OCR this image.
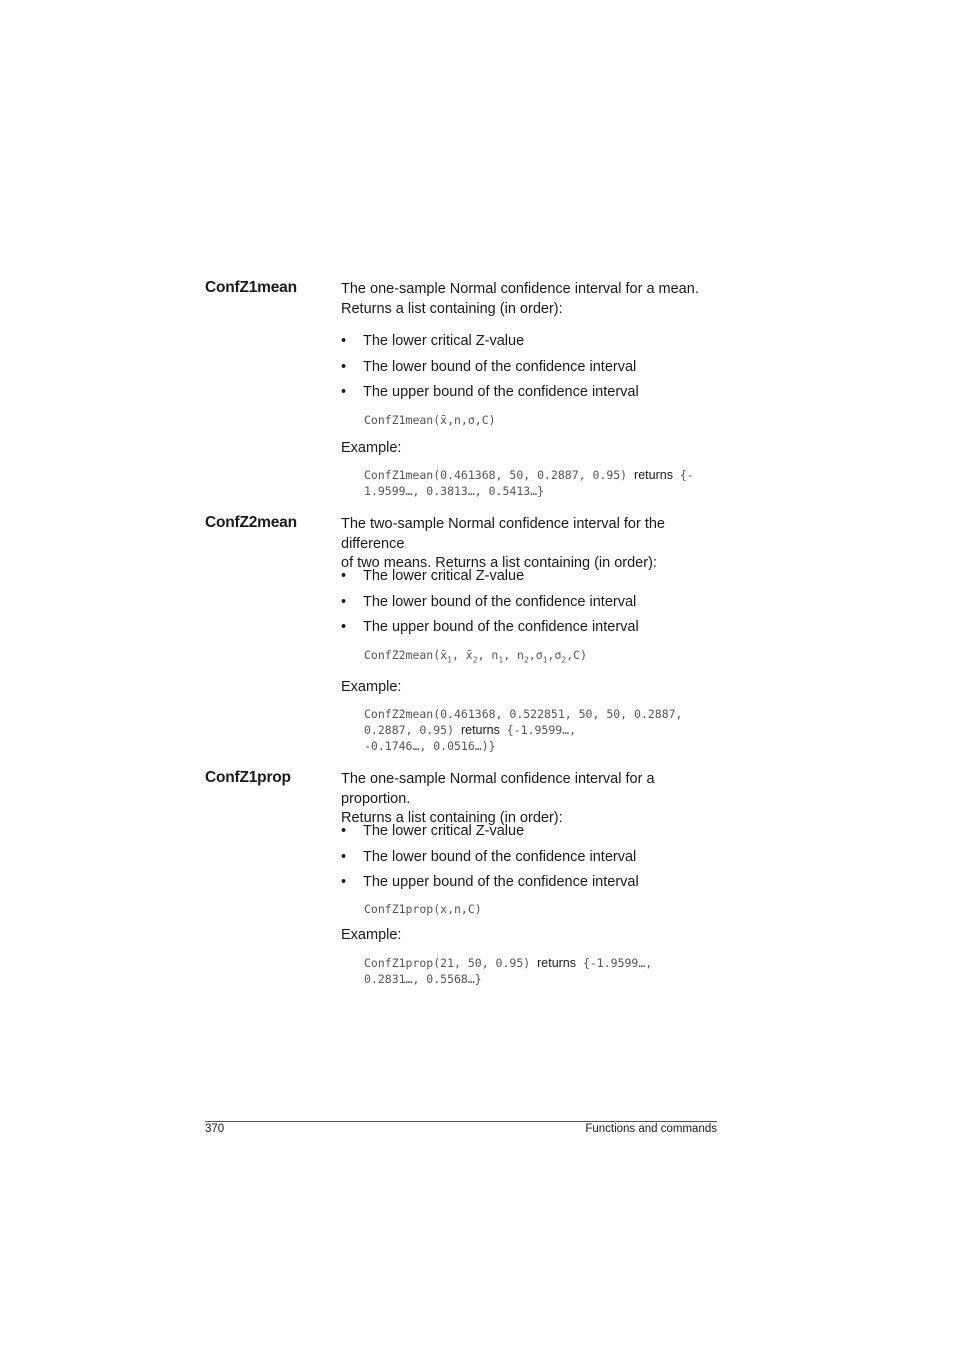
ConfZ1mean	The one-sample Normal confidence interval for a mean.
Returns a list containing (in order):
• The lower critical Z-value
• The lower bound of the confidence interval
• The upper bound of the confidence interval
ConfZ1mean(x̄,n,σ,C)
Example:
ConfZ1mean(0.461368, 50, 0.2887, 0.95) returns {-
1.9599…, 0.3813…, 0.5413…}
ConfZ2mean	The two-sample Normal confidence interval for the difference
of two means. Returns a list containing (in order):
• The lower critical Z-value
• The lower bound of the confidence interval
• The upper bound of the confidence interval
$ConfZ2mean(x̄_1$, $x̄_2$, $n_1$, $n_2,\sigma_1,\sigma_2,C$)
Example:
ConfZ2mean(0.461368, 0.522851, 50, 50, 0.2887,
0.2887, 0.95) returns {-1.9599…,
-0.1746…, 0.0516…)}
ConfZ1prop	The one-sample Normal confidence interval for a proportion.
Returns a list containing (in order):
• The lower critical Z-value
• The lower bound of the confidence interval
• The upper bound of the confidence interval
ConfZ1prop(x,n,C)
Example:
ConfZ1prop(21, 50, 0.95) returns {-1.9599…,
0.2831…, 0.5568…}
370	Functions and commands
